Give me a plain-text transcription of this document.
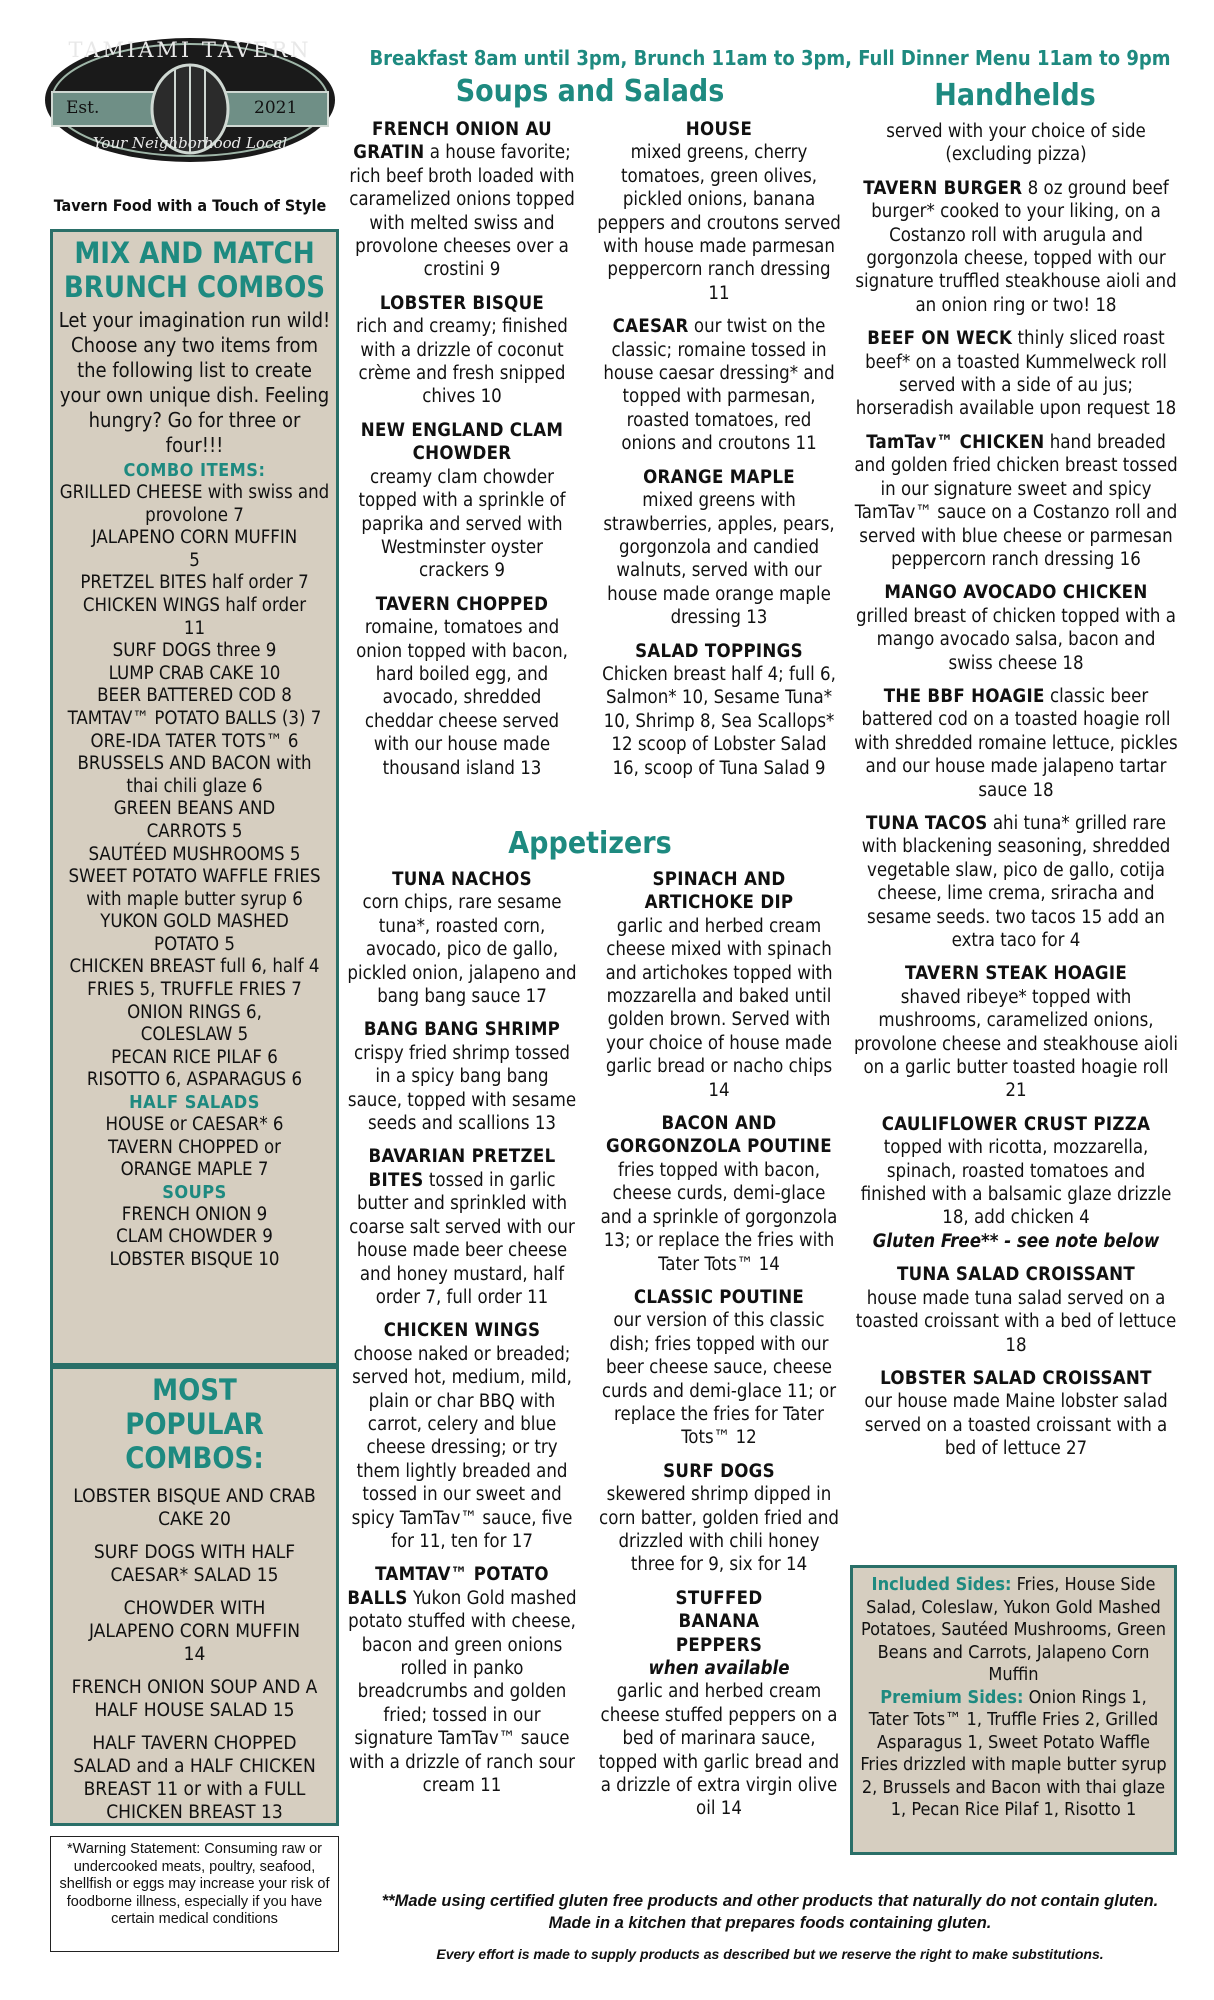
Breakfast 8am until 3pm, Brunch 11am to 3pm, Full Dinner Menu 11am to 9pm
TAMIAMI TAVERN
Est.	2021
Your Neighborhood Local
Tavern Food with a Touch of Style
MIX AND MATCH BRUNCH COMBOS
Let your imagination run wild! Choose any two items from the following list to create your own unique dish. Feeling hungry? Go for three or four!!!
COMBO ITEMS:
GRILLED CHEESE with swiss and provolone 7
JALAPENO CORN MUFFIN 5
PRETZEL BITES half order 7
CHICKEN WINGS half order 11
SURF DOGS three 9
LUMP CRAB CAKE 10
BEER BATTERED COD 8
TAMTAV™ POTATO BALLS (3) 7
ORE-IDA TATER TOTS™ 6
BRUSSELS AND BACON with thai chili glaze 6
GREEN BEANS AND CARROTS 5
SAUTÉED MUSHROOMS 5
SWEET POTATO WAFFLE FRIES with maple butter syrup 6
YUKON GOLD MASHED POTATO 5
CHICKEN BREAST full 6, half 4
FRIES 5, TRUFFLE FRIES 7
ONION RINGS 6, COLESLAW 5
PECAN RICE PILAF 6
RISOTTO 6, ASPARAGUS 6
HALF SALADS
HOUSE or CAESAR* 6
TAVERN CHOPPED or ORANGE MAPLE 7
SOUPS
FRENCH ONION 9
CLAM CHOWDER 9
LOBSTER BISQUE 10
MOST POPULAR COMBOS:
LOBSTER BISQUE AND CRAB CAKE 20
SURF DOGS WITH HALF CAESAR* SALAD 15
CHOWDER WITH JALAPENO CORN MUFFIN 14
FRENCH ONION SOUP AND A HALF HOUSE SALAD 15
HALF TAVERN CHOPPED SALAD and a HALF CHICKEN BREAST 11 or with a FULL CHICKEN BREAST 13
*Warning Statement: Consuming raw or undercooked meats, poultry, seafood, shellfish or eggs may increase your risk of foodborne illness, especially if you have certain medical conditions
Soups and Salads
FRENCH ONION AU GRATIN a house favorite; rich beef broth loaded with caramelized onions topped with melted swiss and provolone cheeses over a crostini 9
LOBSTER BISQUE
rich and creamy; finished with a drizzle of coconut crème and fresh snipped chives 10
NEW ENGLAND CLAM CHOWDER
creamy clam chowder topped with a sprinkle of paprika and served with Westminster oyster crackers 9
TAVERN CHOPPED
romaine, tomatoes and onion topped with bacon, hard boiled egg, and avocado, shredded cheddar cheese served with our house made thousand island 13
HOUSE
mixed greens, cherry tomatoes, green olives, pickled onions, banana peppers and croutons served with house made parmesan peppercorn ranch dressing 11
CAESAR our twist on the classic; romaine tossed in house caesar dressing* and topped with parmesan, roasted tomatoes, red onions and croutons 11
ORANGE MAPLE
mixed greens with strawberries, apples, pears, gorgonzola and candied walnuts, served with our house made orange maple dressing 13
SALAD TOPPINGS
Chicken breast half 4; full 6, Salmon* 10, Sesame Tuna* 10, Shrimp 8, Sea Scallops* 12 scoop of Lobster Salad 16, scoop of Tuna Salad 9
Appetizers
TUNA NACHOS
corn chips, rare sesame tuna*, roasted corn, avocado, pico de gallo, pickled onion, jalapeno and bang bang sauce 17
BANG BANG SHRIMP
crispy fried shrimp tossed in a spicy bang bang sauce, topped with sesame seeds and scallions 13
BAVARIAN PRETZEL BITES tossed in garlic butter and sprinkled with coarse salt served with our house made beer cheese and honey mustard, half order 7, full order 11
CHICKEN WINGS
choose naked or breaded; served hot, medium, mild, plain or char BBQ with carrot, celery and blue cheese dressing; or try them lightly breaded and tossed in our sweet and spicy TamTav™ sauce, five for 11, ten for 17
TAMTAV™ POTATO BALLS Yukon Gold mashed potato stuffed with cheese, bacon and green onions rolled in panko breadcrumbs and golden fried; tossed in our signature TamTav™ sauce with a drizzle of ranch sour cream 11
SPINACH AND ARTICHOKE DIP
garlic and herbed cream cheese mixed with spinach and artichokes topped with mozzarella and baked until golden brown. Served with your choice of house made garlic bread or nacho chips 14
BACON AND GORGONZOLA POUTINE
fries topped with bacon, cheese curds, demi-glace and a sprinkle of gorgonzola 13; or replace the fries with Tater Tots™ 14
CLASSIC POUTINE
our version of this classic dish; fries topped with our beer cheese sauce, cheese curds and demi-glace 11; or replace the fries for Tater Tots™ 12
SURF DOGS
skewered shrimp dipped in corn batter, golden fried and drizzled with chili honey three for 9, six for 14
STUFFED BANANA PEPPERS
when available
garlic and herbed cream cheese stuffed peppers on a bed of marinara sauce, topped with garlic bread and a drizzle of extra virgin olive oil 14
Handhelds
served with your choice of side (excluding pizza)
TAVERN BURGER 8 oz ground beef burger* cooked to your liking, on a Costanzo roll with arugula and gorgonzola cheese, topped with our signature truffled steakhouse aioli and an onion ring or two! 18
BEEF ON WECK thinly sliced roast beef* on a toasted Kummelweck roll served with a side of au jus; horseradish available upon request 18
TamTav™ CHICKEN hand breaded and golden fried chicken breast tossed in our signature sweet and spicy TamTav™ sauce on a Costanzo roll and served with blue cheese or parmesan peppercorn ranch dressing 16
MANGO AVOCADO CHICKEN
grilled breast of chicken topped with a mango avocado salsa, bacon and swiss cheese 18
THE BBF HOAGIE classic beer battered cod on a toasted hoagie roll with shredded romaine lettuce, pickles and our house made jalapeno tartar sauce 18
TUNA TACOS ahi tuna* grilled rare with blackening seasoning, shredded vegetable slaw, pico de gallo, cotija cheese, lime crema, sriracha and sesame seeds. two tacos 15 add an extra taco for 4
TAVERN STEAK HOAGIE
shaved ribeye* topped with mushrooms, caramelized onions, provolone cheese and steakhouse aioli on a garlic butter toasted hoagie roll 21
CAULIFLOWER CRUST PIZZA
topped with ricotta, mozzarella, spinach, roasted tomatoes and finished with a balsamic glaze drizzle 18, add chicken 4
Gluten Free** - see note below
TUNA SALAD CROISSANT
house made tuna salad served on a toasted croissant with a bed of lettuce 18
LOBSTER SALAD CROISSANT
our house made Maine lobster salad served on a toasted croissant with a bed of lettuce 27
Included Sides: Fries, House Side Salad, Coleslaw, Yukon Gold Mashed Potatoes, Sautéed Mushrooms, Green Beans and Carrots, Jalapeno Corn Muffin
Premium Sides: Onion Rings 1, Tater Tots™ 1, Truffle Fries 2, Grilled Asparagus 1, Sweet Potato Waffle Fries drizzled with maple butter syrup 2, Brussels and Bacon with thai glaze 1, Pecan Rice Pilaf 1, Risotto 1
**Made using certified gluten free products and other products that naturally do not contain gluten. Made in a kitchen that prepares foods containing gluten.
Every effort is made to supply products as described but we reserve the right to make substitutions.
